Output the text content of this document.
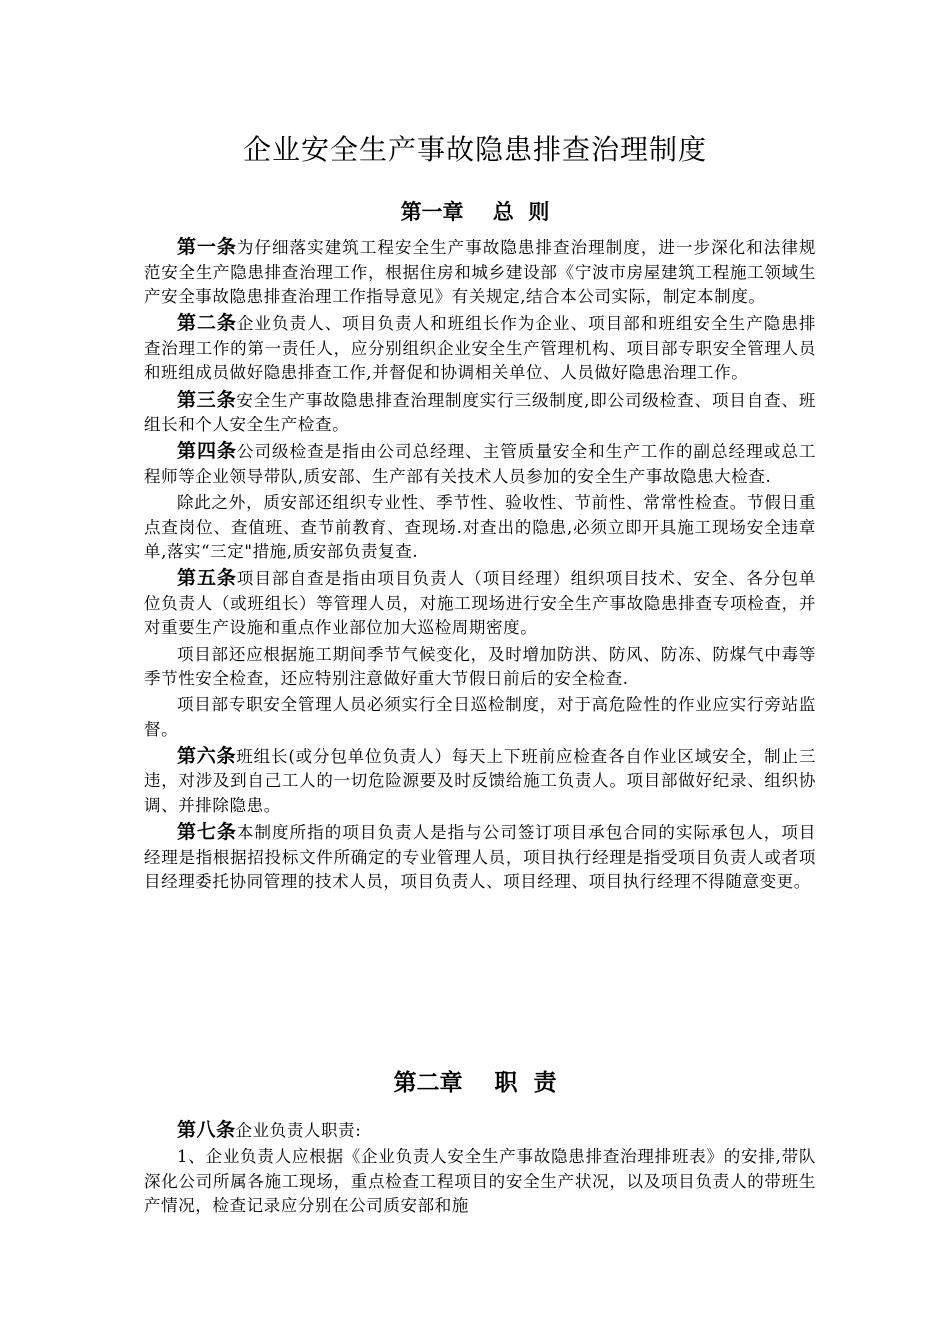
企业安全生产事故隐患排查治理制度
第一章    总  则

第一条为仔细落实建筑工程安全生产事故隐患排查治理制度，进一步深化和法律规范安全生产隐患排查治理工作，根据住房和城乡建设部《宁波市房屋建筑工程施工领域生产安全事故隐患排查治理工作指导意见》有关规定,结合本公司实际，制定本制度。

第二条企业负责人、项目负责人和班组长作为企业、项目部和班组安全生产隐患排查治理工作的第一责任人，应分别组织企业安全生产管理机构、项目部专职安全管理人员和班组成员做好隐患排查工作,并督促和协调相关单位、人员做好隐患治理工作。

第三条安全生产事故隐患排查治理制度实行三级制度,即公司级检查、项目自查、班组长和个人安全生产检查。

第四条公司级检查是指由公司总经理、主管质量安全和生产工作的副总经理或总工程师等企业领导带队,质安部、生产部有关技术人员参加的安全生产事故隐患大检查.

除此之外，质安部还组织专业性、季节性、验收性、节前性、常常性检查。节假日重点查岗位、查值班、查节前教育、查现场.对查出的隐患,必须立即开具施工现场安全违章单,落实“三定"措施,质安部负责复查.

第五条项目部自查是指由项目负责人（项目经理）组织项目技术、安全、各分包单位负责人（或班组长）等管理人员，对施工现场进行安全生产事故隐患排查专项检查，并对重要生产设施和重点作业部位加大巡检周期密度。

项目部还应根据施工期间季节气候变化，及时增加防洪、防风、防冻、防煤气中毒等季节性安全检查，还应特别注意做好重大节假日前后的安全检查.

项目部专职安全管理人员必须实行全日巡检制度，对于高危险性的作业应实行旁站监督。

第六条班组长(或分包单位负责人）每天上下班前应检查各自作业区域安全，制止三违，对涉及到自己工人的一切危险源要及时反馈给施工负责人。项目部做好纪录、组织协调、并排除隐患。

第七条本制度所指的项目负责人是指与公司签订项目承包合同的实际承包人，项目经理是指根据招投标文件所确定的专业管理人员，项目执行经理是指受项目负责人或者项目经理委托协同管理的技术人员，项目负责人、项目经理、项目执行经理不得随意变更。

第二章    职  责

第八条企业负责人职责:

1、企业负责人应根据《企业负责人安全生产事故隐患排查治理排班表》的安排,带队深化公司所属各施工现场，重点检查工程项目的安全生产状况，以及项目负责人的带班生产情况，检查记录应分别在公司质安部和施
